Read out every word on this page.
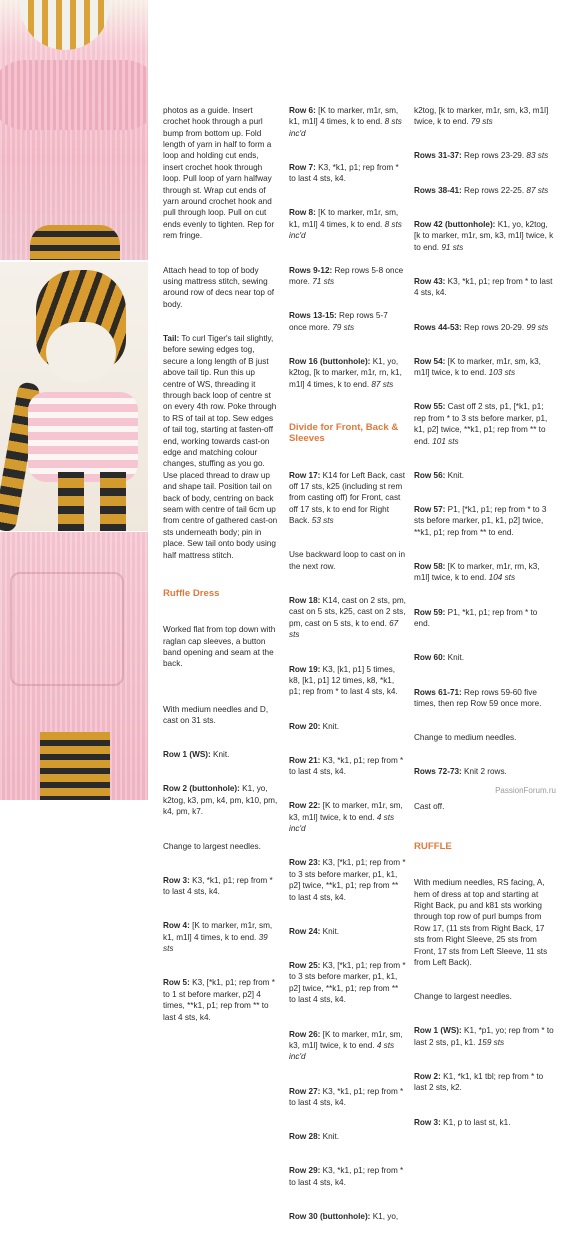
photos as a guide. Insert crochet hook through a purl bump from bottom up. Fold length of yarn in half to form a loop and holding cut ends, insert crochet hook through loop. Pull loop of yarn halfway through st. Wrap cut ends of yarn around crochet hook and pull through loop. Pull on cut ends evenly to tighten. Rep for rem fringe.

Attach head to top of body using mattress stitch, sewing around row of decs near top of body.

Tail: To curl Tiger's tail slightly, before sewing edges tog, secure a long length of B just above tail tip. Run this up centre of WS, threading it through back loop of centre st on every 4th row. Poke through to RS of tail at top. Sew edges of tail tog, starting at fasten-off end, working towards cast-on edge and matching colour changes, stuffing as you go. Use placed thread to draw up and shape tail. Position tail on back of body, centring on back seam with centre of tail 6cm up from centre of gathered cast-on sts underneath body; pin in place. Sew tail onto body using half mattress stitch.

Ruffle Dress

Worked flat from top down with raglan cap sleeves, a button band opening and seam at the back.

With medium needles and D, cast on 31 sts.

Row 1 (WS): Knit.

Row 2 (buttonhole): K1, yo, k2tog, k3, pm, k4, pm, k10, pm, k4, pm, k7.

Change to largest needles.

Row 3: K3, *k1, p1; rep from * to last 4 sts, k4.

Row 4: [K to marker, m1r, sm, k1, m1l] 4 times, k to end. 39 sts

Row 5: K3, [*k1, p1; rep from * to 1 st before marker, p2] 4 times, **k1, p1; rep from ** to last 4 sts, k4.

Row 6: [K to marker, m1r, sm, k1, m1l] 4 times, k to end. 8 sts inc'd

Row 7: K3, *k1, p1; rep from * to last 4 sts, k4.

Row 8: [K to marker, m1r, sm, k1, m1l] 4 times, k to end. 8 sts inc'd

Rows 9-12: Rep rows 5-8 once more. 71 sts

Rows 13-15: Rep rows 5-7 once more. 79 sts

Row 16 (buttonhole): K1, yo, k2tog, [k to marker, m1r, rn, k1, m1l] 4 times, k to end. 87 sts

Divide for Front, Back & Sleeves

Row 17: K14 for Left Back, cast off 17 sts, k25 (including st rem from casting off) for Front, cast off 17 sts, k to end for Right Back. 53 sts

Use backward loop to cast on in the next row.

Row 18: K14, cast on 2 sts, pm, cast on 5 sts, k25, cast on 2 sts, pm, cast on 5 sts, k to end. 67 sts

Row 19: K3, [k1, p1] 5 times, k8, [k1, p1] 12 times, k8, *k1, p1; rep from * to last 4 sts, k4.

Row 20: Knit.

Row 21: K3, *k1, p1; rep from * to last 4 sts, k4.

Row 22: [K to marker, m1r, sm, k3, m1l] twice, k to end. 4 sts inc'd

Row 23: K3, [*k1, p1; rep from * to 3 sts before marker, p1, k1, p2] twice, **k1, p1; rep from ** to last 4 sts, k4.

Row 24: Knit.

Row 25: K3, [*k1, p1; rep from * to 3 sts before marker, p1, k1, p2] twice, **k1, p1; rep from ** to last 4 sts, k4.

Row 26: [K to marker, m1r, sm, k3, m1l] twice, k to end. 4 sts inc'd

Row 27: K3, *k1, p1; rep from * to last 4 sts, k4.

Row 28: Knit.

Row 29: K3, *k1, p1; rep from * to last 4 sts, k4.

Row 30 (buttonhole): K1, yo,

k2tog, [k to marker, m1r, sm, k3, m1l] twice, k to end. 79 sts

Rows 31-37: Rep rows 23-29. 83 sts

Rows 38-41: Rep rows 22-25. 87 sts

Row 42 (buttonhole): K1, yo, k2tog, [k to marker, m1r, sm, k3, m1l] twice, k to end. 91 sts

Row 43: K3, *k1, p1; rep from * to last 4 sts, k4.

Rows 44-53: Rep rows 20-29. 99 sts

Row 54: [K to marker, m1r, sm, k3, m1l] twice, k to end. 103 sts

Row 55: Cast off 2 sts, p1, [*k1, p1; rep from * to 3 sts before marker, p1, k1, p2] twice, **k1, p1; rep from ** to end. 101 sts

Row 56: Knit.

Row 57: P1, [*k1, p1; rep from * to 3 sts before marker, p1, k1, p2] twice, **k1, p1; rep from ** to end.

Row 58: [K to marker, m1r, rm, k3, m1l] twice, k to end. 104 sts

Row 59: P1, *k1, p1; rep from * to end.

Row 60: Knit.

Rows 61-71: Rep rows 59-60 five times, then rep Row 59 once more.

Change to medium needles.

Rows 72-73: Knit 2 rows.

Cast off.

RUFFLE

With medium needles, RS facing, A, hem of dress at top and starting at Right Back, pu and k81 sts working through top row of purl bumps from Row 17, (11 sts from Right Back, 17 sts from Right Sleeve, 25 sts from Front, 17 sts from Left Sleeve, 11 sts from Left Back).

Change to largest needles.

Row 1 (WS): K1, *p1, yo; rep from * to last 2 sts, p1, k1. 159 sts

Row 2: K1, *k1, k1 tbl; rep from * to last 2 sts, k2.

Row 3: K1, p to last st, k1.

PassionForum.ru
